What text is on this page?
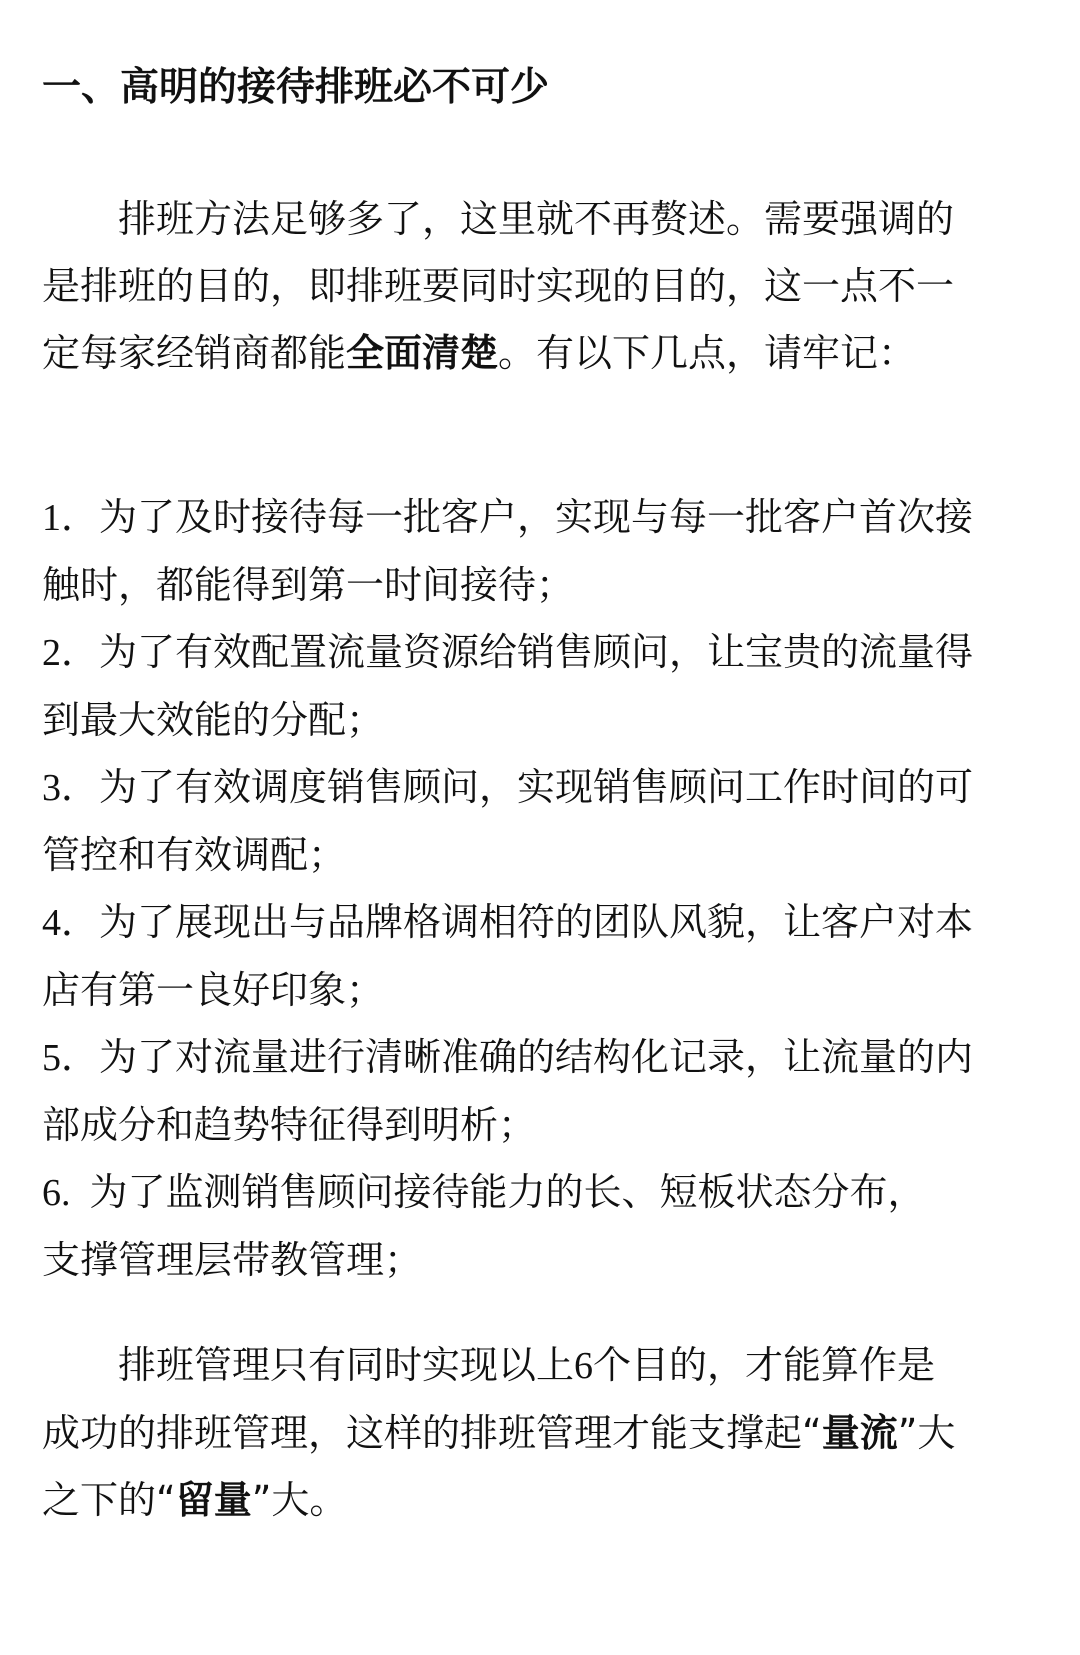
一、高明的接待排班必不可少

排班方法足够多了，这里就不再赘述。需要强调的
是排班的目的，即排班要同时实现的目的，这一点不一
定每家经销商都能全面清楚。有以下几点，请牢记：

1．为了及时接待每一批客户，实现与每一批客户首次接
触时，都能得到第一时间接待；
2．为了有效配置流量资源给销售顾问，让宝贵的流量得
到最大效能的分配；
3．为了有效调度销售顾问，实现销售顾问工作时间的可
管控和有效调配；
4．为了展现出与品牌格调相符的团队风貌，让客户对本
店有第一良好印象；
5．为了对流量进行清晰准确的结构化记录，让流量的内
部成分和趋势特征得到明析；
6.  为了监测销售顾问接待能力的长、短板状态分布，
支撑管理层带教管理；

排班管理只有同时实现以上6个目的，才能算作是
成功的排班管理，这样的排班管理才能支撑起“量流”大
之下的“留量”大。
